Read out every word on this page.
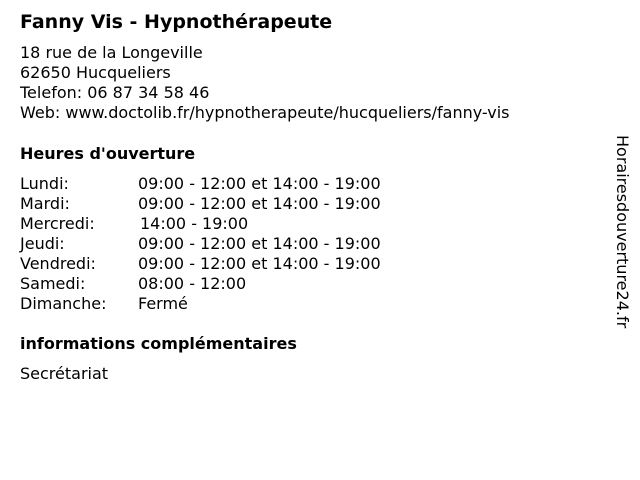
Fanny Vis - Hypnothérapeute
18 rue de la Longeville
62650 Hucqueliers
Telefon: 06 87 34 58 46
Web: www.doctolib.fr/hypnotherapeute/hucqueliers/fanny-vis
Heures d'ouverture
Lundi:	09:00 - 12:00 et 14:00 - 19:00
Mardi:	09:00 - 12:00 et 14:00 - 19:00
Mercredi:	14:00 - 19:00
Jeudi:	09:00 - 12:00 et 14:00 - 19:00
Vendredi:	09:00 - 12:00 et 14:00 - 19:00
Samedi:	08:00 - 12:00
Dimanche: Fermé
informations complémentaires
Secrétariat
Horairesdouverture24.fr
